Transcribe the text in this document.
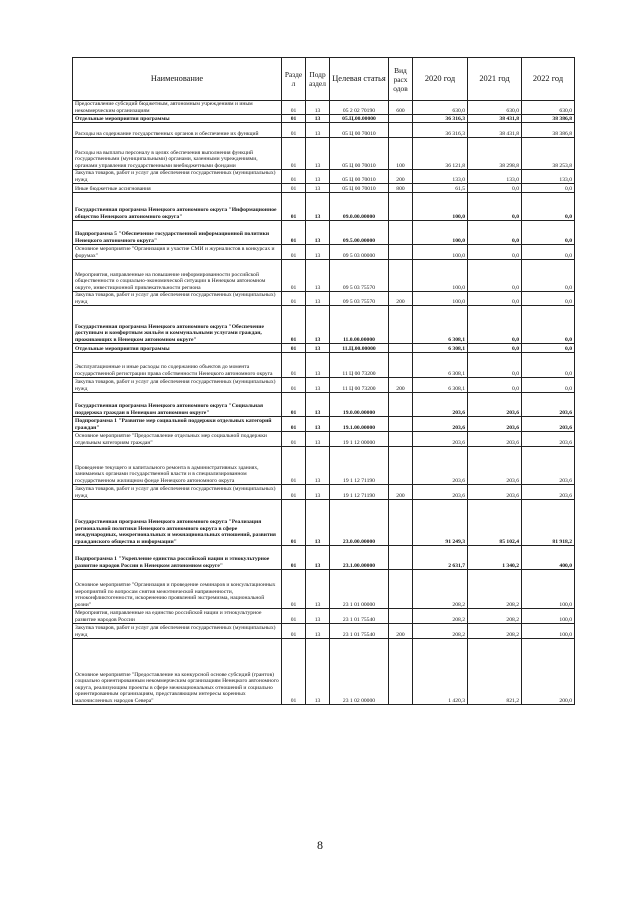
Наименование	Разде л	Подр аздел	Целевая статья	Вид расх одов	2020 год	2021 год	2022 год
Предоставление субсидий бюджетным, автономным учреждениям и иным некоммерческим организациям	01	13	05 2 02 70190	600	630,0	630,0	630,0
Отдельные мероприятия программы	01	13	05.Ц.00.00000		36 316,3	38 431,8	38 386,8
Расходы на содержание государственных органов и обеспечение их функций	01	13	05 Ц 00 70010		36 316,3	38 431,8	38 386,8
Расходы на выплаты персоналу в целях обеспечения выполнения функций государственными (муниципальными) органами, казенными учреждениями, органами управления государственными внебюджетными фондами	01	13	05 Ц 00 70010	100	36 121,8	38 298,8	38 253,8
Закупка товаров, работ и услуг для обеспечения государственных (муниципальных) нужд	01	13	05 Ц 00 70010	200	133,0	133,0	133,0
Иные бюджетные ассигнования	01	13	05 Ц 00 70010	800	61,5	0,0	0,0
Государственная программа Ненецкого автономного округа "Информационное общество Ненецкого автономного округа"	01	13	09.0.00.00000		100,0	0,0	0,0
Подпрограмма 5 "Обеспечение государственной информационной политики Ненецкого автономного округа"	01	13	09.5.00.00000		100,0	0,0	0,0
Основное мероприятие "Организация и участие СМИ и журналистов в конкурсах и форумах"	01	13	09 5 03 00000		100,0	0,0	0,0
Мероприятия, направленные на повышение информированности российской общественности о социально-экономической ситуации в Ненецком автономном округе, инвестиционной привлекательности региона	01	13	09 5 03 75570		100,0	0,0	0,0
Закупка товаров, работ и услуг для обеспечения государственных (муниципальных) нужд	01	13	09 5 03 75570	200	100,0	0,0	0,0
Государственная программа Ненецкого автономного округа "Обеспечение доступным и комфортным жильём и коммунальными услугами граждан, проживающих в Ненецком автономном округе"	01	13	11.0.00.00000		6 308,1	0,0	0,0
Отдельные мероприятия программы	01	13	11.Ц.00.00000		6 308,1	0,0	0,0
Эксплуатационные и иные расходы по содержанию объектов до момента государственной регистрации права собственности Ненецкого автономного округа	01	13	11 Ц 00 73200		6 308,1	0,0	0,0
Закупка товаров, работ и услуг для обеспечения государственных (муниципальных) нужд	01	13	11 Ц 00 73200	200	6 308,1	0,0	0,0
Государственная программа Ненецкого автономного округа "Социальная поддержка граждан в Ненецком автономном округе"	01	13	19.0.00.00000		203,6	203,6	203,6
Подпрограмма 1 "Развитие мер социальной поддержки отдельных категорий граждан"	01	13	19.1.00.00000		203,6	203,6	203,6
Основное мероприятие "Предоставление отдельных мер социальной поддержки отдельным категориям граждан"	01	13	19 1 12 00000		203,6	203,6	203,6
Проведение текущего и капитального ремонта в административных зданиях, занимаемых органами государственной власти и в специализированном государственном жилищном фонде Ненецкого автономного округа	01	13	19 1 12 71190		203,6	203,6	203,6
Закупка товаров, работ и услуг для обеспечения государственных (муниципальных) нужд	01	13	19 1 12 71190	200	203,6	203,6	203,6
Государственная программа Ненецкого автономного округа "Реализация региональной политики Ненецкого автономного округа в сфере международных, межрегиональных и межнациональных отношений, развития гражданского общества и информации"	01	13	23.0.00.00000		91 249,3	85 102,4	81 918,2
Подпрограмма 1 "Укрепление единства российской нации и этнокультурное развитие народов России в Ненецком автономном округе"	01	13	23.1.00.00000		2 631,7	1 340,2	400,0
Основное мероприятие "Организация и проведение семинаров и консультационных мероприятий по вопросам снятия межэтнической напряженности, этноконфликтогенности, искоренению проявлений экстремизма, национальной розни"	01	13	23 1 01 00000		208,2	208,2	100,0
Мероприятия, направленные на единство российской нации и этнокультурное развитие народов России	01	13	23 1 01 75540		208,2	208,2	100,0
Закупка товаров, работ и услуг для обеспечения государственных (муниципальных) нужд	01	13	23 1 01 75540	200	208,2	208,2	100,0
Основное мероприятие "Предоставление на конкурсной основе субсидий (грантов) социально ориентированным некоммерческим организациям Ненецкого автономного округа, реализующим проекты в сфере межнациональных отношений и социально ориентированным организациям, представляющим интересы коренных малочисленных народов Севера"	01	13	23 1 02 00000		1 420,3	821,2	200,0
8
